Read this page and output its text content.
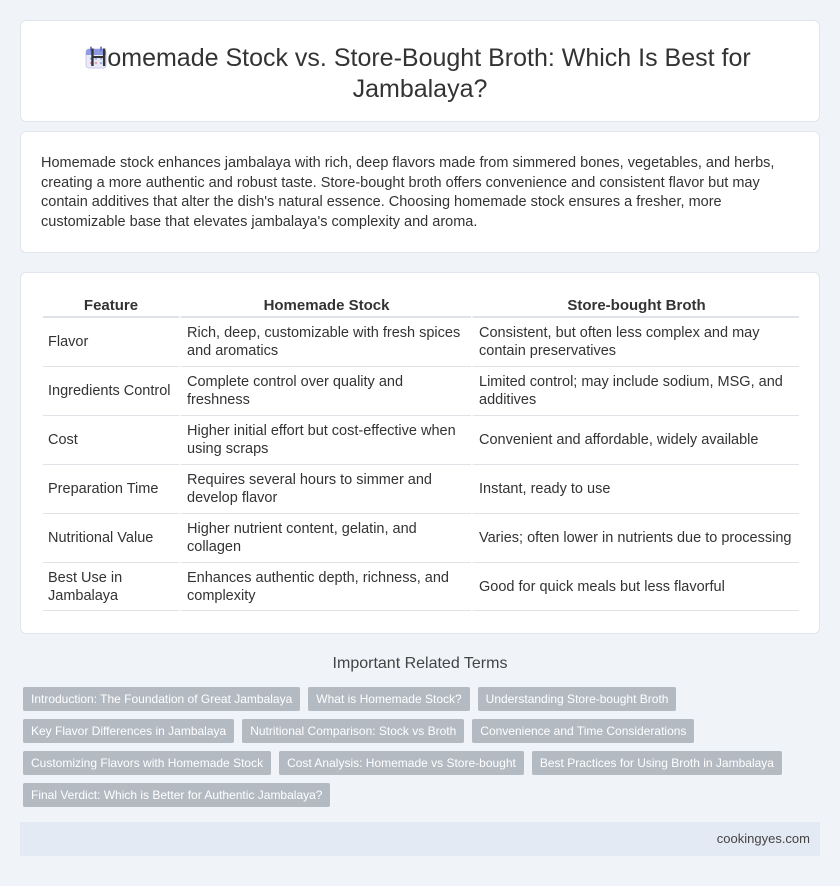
Homemade Stock vs. Store-Bought Broth: Which Is Best for Jambalaya?

Homemade stock enhances jambalaya with rich, deep flavors made from simmered bones, vegetables, and herbs, creating a more authentic and robust taste. Store-bought broth offers convenience and consistent flavor but may contain additives that alter the dish's natural essence. Choosing homemade stock ensures a fresher, more customizable base that elevates jambalaya's complexity and aroma.

Feature	Homemade Stock	Store-bought Broth
Flavor	Rich, deep, customizable with fresh spices and aromatics	Consistent, but often less complex and may contain preservatives
Ingredients Control	Complete control over quality and freshness	Limited control; may include sodium, MSG, and additives
Cost	Higher initial effort but cost-effective when using scraps	Convenient and affordable, widely available
Preparation Time	Requires several hours to simmer and develop flavor	Instant, ready to use
Nutritional Value	Higher nutrient content, gelatin, and collagen	Varies; often lower in nutrients due to processing
Best Use in Jambalaya	Enhances authentic depth, richness, and complexity	Good for quick meals but less flavorful
Important Related Terms
Introduction: The Foundation of Great Jambalaya	What is Homemade Stock?	Understanding Store-bought Broth
Key Flavor Differences in Jambalaya	Nutritional Comparison: Stock vs Broth	Convenience and Time Considerations
Customizing Flavors with Homemade Stock	Cost Analysis: Homemade vs Store-bought	Best Practices for Using Broth in Jambalaya
Final Verdict: Which is Better for Authentic Jambalaya?
cookingyes.com
